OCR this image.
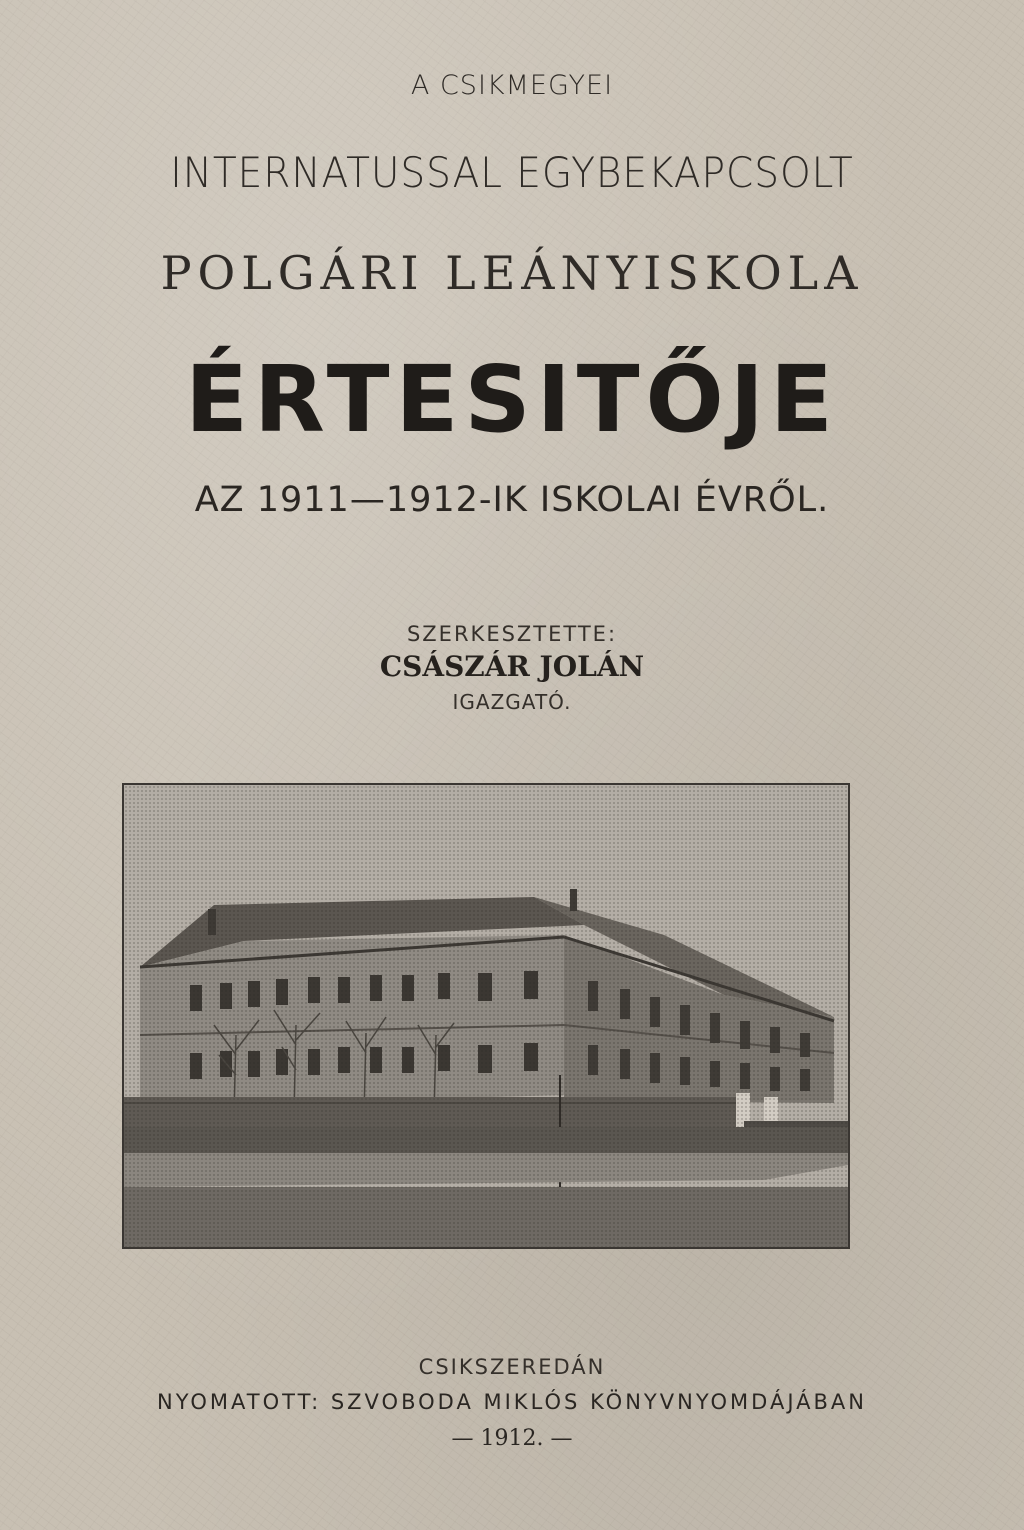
A CSIKMEGYEI
INTERNATUSSAL EGYBEKAPCSOLT
POLGÁRI LEÁNYISKOLA
ÉRTESITŐJE
AZ 1911—1912-IK ISKOLAI ÉVRŐL.
SZERKESZTETTE:
CSÁSZÁR JOLÁN
IGAZGATÓ.
CSIKSZEREDÁN
NYOMATOTT: SZVOBODA MIKLÓS KÖNYVNYOMDÁJÁBAN
— 1912. —
